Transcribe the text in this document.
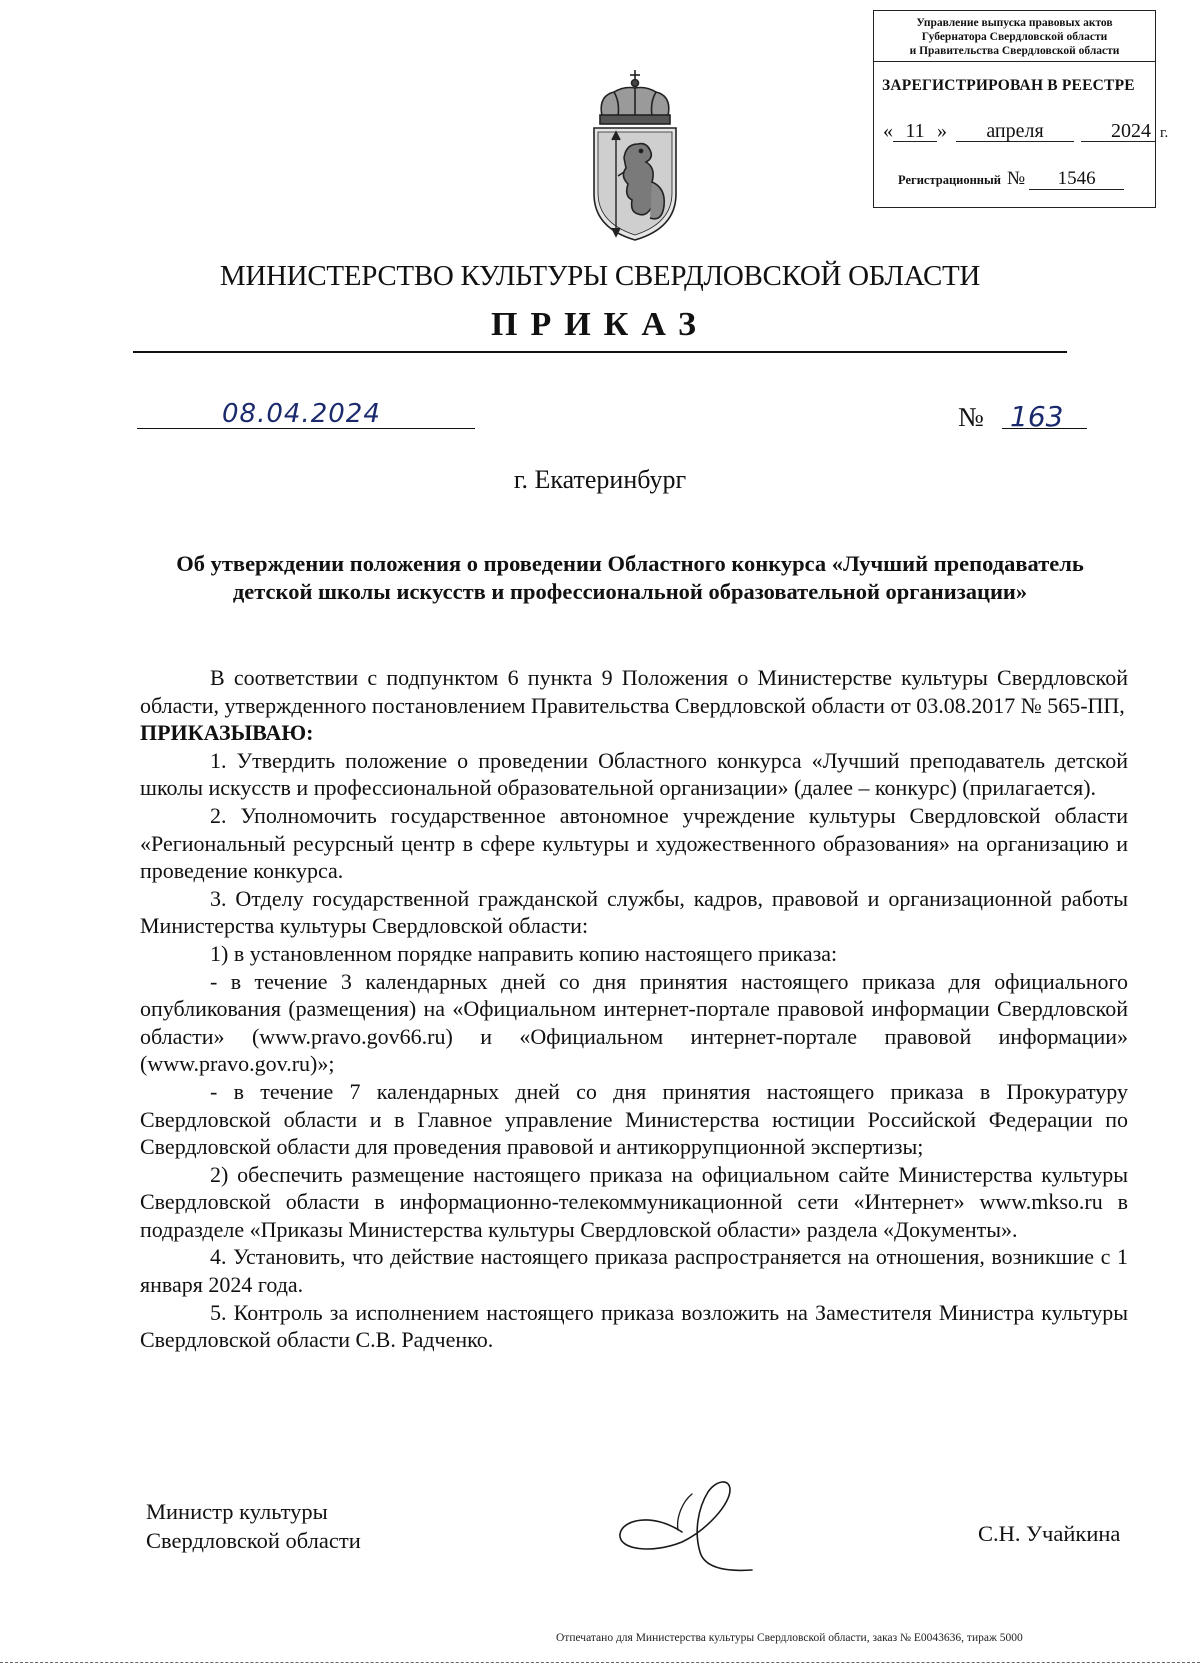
Управление выпуска правовых актов
Губернатора Свердловской области
и Правительства Свердловской области
ЗАРЕГИСТРИРОВАН В РЕЕСТРЕ
« 11 » апреля	2024 г.
Регистрационный № 1546
МИНИСТЕРСТВО КУЛЬТУРЫ СВЕРДЛОВСКОЙ ОБЛАСТИ
ПРИКАЗ
08.04.2024	№ 163
г. Екатеринбург
Об утверждении положения о проведении Областного конкурса «Лучший преподаватель детской школы искусств и профессиональной образовательной организации»

В соответствии с подпунктом 6 пункта 9 Положения о Министерстве культуры Свердловской области, утвержденного постановлением Правительства Свердловской области от 03.08.2017 № 565-ПП,

ПРИКАЗЫВАЮ:

1. Утвердить положение о проведении Областного конкурса «Лучший преподаватель детской школы искусств и профессиональной образовательной организации» (далее – конкурс) (прилагается).

2. Уполномочить государственное автономное учреждение культуры Свердловской области «Региональный ресурсный центр в сфере культуры и художественного образования» на организацию и проведение конкурса.

3. Отделу государственной гражданской службы, кадров, правовой и организационной работы Министерства культуры Свердловской области:

1) в установленном порядке направить копию настоящего приказа:

- в течение 3 календарных дней со дня принятия настоящего приказа для официального опубликования (размещения) на «Официальном интернет-портале правовой информации Свердловской области» (www.pravo.gov66.ru) и «Официальном интернет-портале правовой информации» (www.pravo.gov.ru)»;

- в течение 7 календарных дней со дня принятия настоящего приказа в Прокуратуру Свердловской области и в Главное управление Министерства юстиции Российской Федерации по Свердловской области для проведения правовой и антикоррупционной экспертизы;

2) обеспечить размещение настоящего приказа на официальном сайте Министерства культуры Свердловской области в информационно-телекоммуникационной сети «Интернет» www.mkso.ru в подразделе «Приказы Министерства культуры Свердловской области» раздела «Документы».

4. Установить, что действие настоящего приказа распространяется на отношения, возникшие с 1 января 2024 года.

5. Контроль за исполнением настоящего приказа возложить на Заместителя Министра культуры Свердловской области С.В. Радченко.

Министр культуры
Свердловской области	С.Н. Учайкина
Отпечатано для Министерства культуры Свердловской области, заказ № Е0043636, тираж 5000
